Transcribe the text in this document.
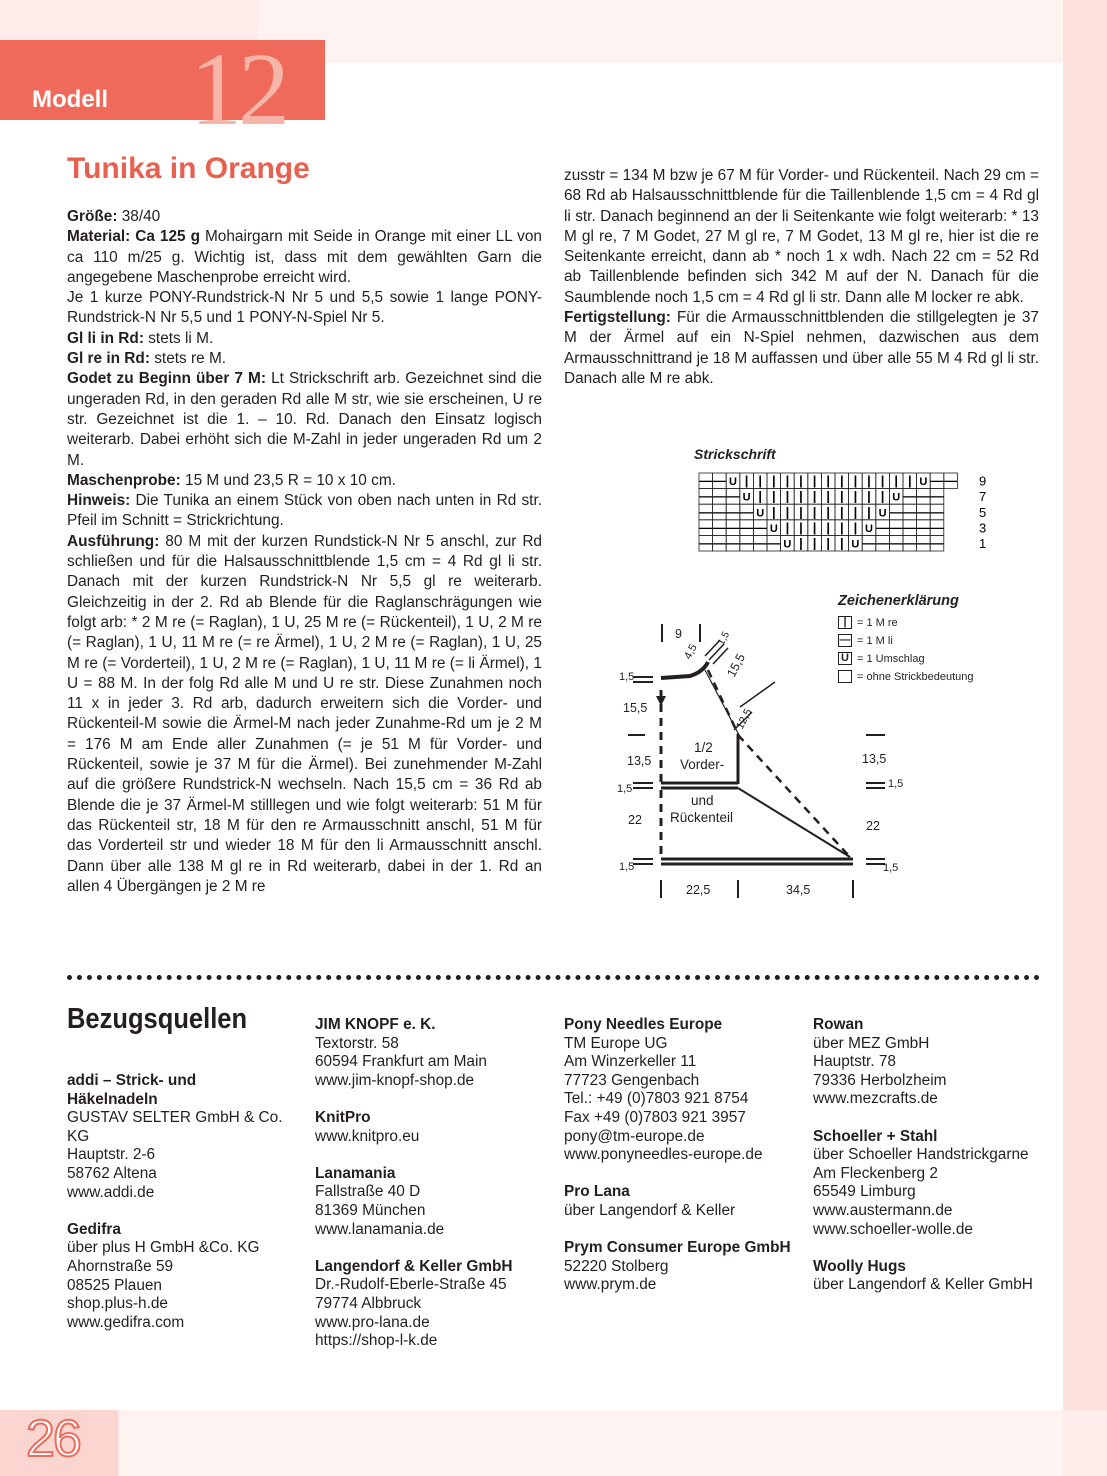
Modell 12
Tunika in Orange

Größe: 38/40

Material: Ca 125 g Mohairgarn mit Seide in Orange mit einer LL von ca 110 m/25 g. Wichtig ist, dass mit dem gewählten Garn die angegebene Maschenprobe erreicht wird.

Je 1 kurze PONY-Rundstrick-N Nr 5 und 5,5 sowie 1 lange PONY-Rundstrick-N Nr 5,5 und 1 PONY-N-Spiel Nr 5.

Gl li in Rd: stets li M.

Gl re in Rd: stets re M.

Godet zu Beginn über 7 M: Lt Strickschrift arb. Gezeichnet sind die ungeraden Rd, in den geraden Rd alle M str, wie sie erscheinen, U re str. Gezeichnet ist die 1. – 10. Rd. Danach den Einsatz logisch weiterarb. Dabei erhöht sich die M-Zahl in jeder ungeraden Rd um 2 M.

Maschenprobe: 15 M und 23,5 R = 10 x 10 cm.

Hinweis: Die Tunika an einem Stück von oben nach unten in Rd str. Pfeil im Schnitt = Strickrichtung.

Ausführung: 80 M mit der kurzen Rundstick-N Nr 5 anschl, zur Rd schließen und für die Halsausschnittblende 1,5 cm = 4 Rd gl li str. Danach mit der kurzen Rundstrick-N Nr 5,5 gl re weiterarb. Gleichzeitig in der 2. Rd ab Blende für die Raglanschrägungen wie folgt arb: * 2 M re (= Raglan), 1 U, 25 M re (= Rückenteil), 1 U, 2 M re (= Raglan), 1 U, 11 M re (= re Ärmel), 1 U, 2 M re (= Raglan), 1 U, 25 M re (= Vorderteil), 1 U, 2 M re (= Raglan), 1 U, 11 M re (= li Ärmel), 1 U = 88 M. In der folg Rd alle M und U re str. Diese Zunahmen noch 11 x in jeder 3. Rd arb, dadurch erweitern sich die Vorder- und Rückenteil-M sowie die Ärmel-M nach jeder Zunahme-Rd um je 2 M = 176 M am Ende aller Zunahmen (= je 51 M für Vorder- und Rückenteil, sowie je 37 M für die Ärmel). Bei zunehmender M-Zahl auf die größere Rundstrick-N wechseln. Nach 15,5 cm = 36 Rd ab Blende die je 37 Ärmel-M stilllegen und wie folgt weiterarb: 51 M für das Rückenteil str, 18 M für den re Armausschnitt anschl, 51 M für das Vorderteil str und wieder 18 M für den li Armausschnitt anschl. Dann über alle 138 M gl re in Rd weiterarb, dabei in der 1. Rd an allen 4 Übergängen je 2 M re

zusstr = 134 M bzw je 67 M für Vorder- und Rückenteil. Nach 29 cm = 68 Rd ab Halsausschnittblende für die Taillenblende 1,5 cm = 4 Rd gl li str. Danach beginnend an der li Seitenkante wie folgt weiterarb: * 13 M gl re, 7 M Godet, 27 M gl re, 7 M Godet, 13 M gl re, hier ist die re Seitenkante erreicht, dann ab * noch 1 x wdh. Nach 22 cm = 52 Rd ab Taillenblende befinden sich 342 M auf der N. Danach für die Saumblende noch 1,5 cm = 4 Rd gl li str. Dann alle M locker re abk.

Fertigstellung: Für die Armausschnittblenden die stillgelegten je 37 M der Ärmel auf ein N-Spiel nehmen, dazwischen aus dem Armausschnittrand je 18 M auffassen und über alle 55 M 4 Rd gl li str. Danach alle M re abk.

Strickschrift
— — U | | | | | | | | | | | | | U — —
— — — U | | | | | | | | | | U — — —
— — — — U | | | | | | | | U — — — —
— — — — — U | | | | | | U — — — — —
— — — — — — U | | | | U — — — — — —
9
7
5
3
1
Zeichenerklärung
| = 1 M re
— = 1 M li
U = 1 Umschlag
= ohne Strickbedeutung
9
4,5
1,5
15,5
12,5
1,5
15,5
13,5	13,5
1,5	1,5
22	22
1,5	1,5
22,5	34,5
1/2
Vorder-
und
Rückenteil
Bezugsquellen
addi – Strick- und Häkelnadeln
GUSTAV SELTER GmbH & Co. KG
Hauptstr. 2-6
58762 Altena
www.addi.de
Gedifra
über plus H GmbH &Co. KG
Ahornstraße 59
08525 Plauen
shop.plus-h.de
www.gedifra.com
JIM KNOPF e. K.
Textorstr. 58
60594 Frankfurt am Main
www.jim-knopf-shop.de
KnitPro
www.knitpro.eu
Lanamania
Fallstraße 40 D
81369 München
www.lanamania.de
Langendorf & Keller GmbH
Dr.-Rudolf-Eberle-Straße 45
79774 Albbruck
www.pro-lana.de
https://shop-l-k.de
Pony Needles Europe
TM Europe UG
Am Winzerkeller 11
77723 Gengenbach
Tel.: +49 (0)7803 921 8754
Fax +49 (0)7803 921 3957
pony@tm-europe.de
www.ponyneedles-europe.de
Pro Lana
über Langendorf & Keller
Prym Consumer Europe GmbH
52220 Stolberg
www.prym.de
Rowan
über MEZ GmbH
Hauptstr. 78
79336 Herbolzheim
www.mezcrafts.de
Schoeller + Stahl
über Schoeller Handstrickgarne
Am Fleckenberg 2
65549 Limburg
www.austermann.de
www.schoeller-wolle.de
Woolly Hugs
über Langendorf & Keller GmbH
26
